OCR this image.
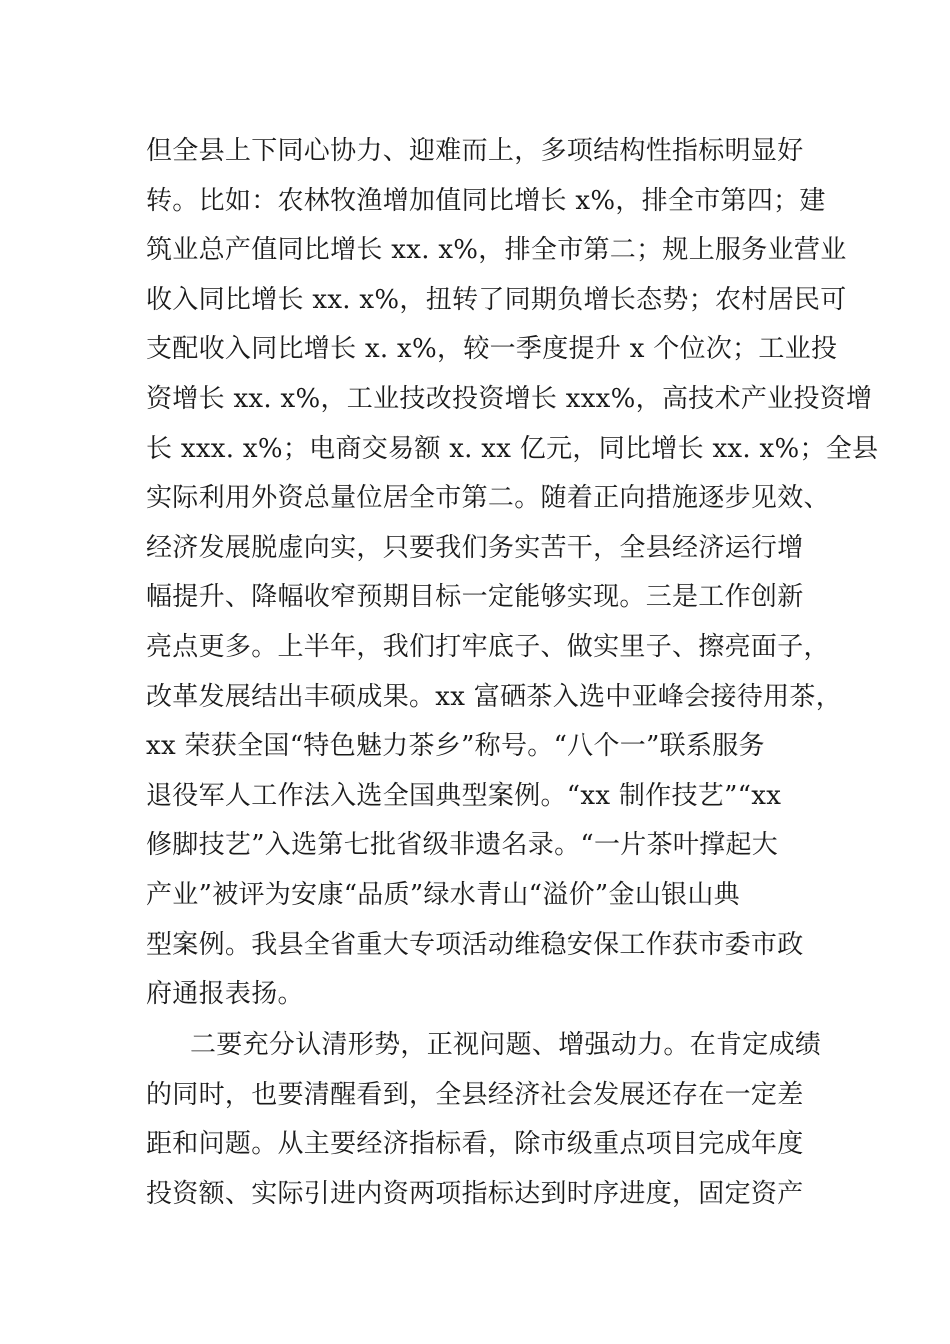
但全县上下同心协力、迎难而上，多项结构性指标明显好
转。比如：农林牧渔增加值同比增长 x%，排全市第四；建
筑业总产值同比增长 xx. x%，排全市第二；规上服务业营业
收入同比增长 xx. x%，扭转了同期负增长态势；农村居民可
支配收入同比增长 x. x%，较一季度提升 x 个位次；工业投
资增长 xx. x%，工业技改投资增长 xxx%，高技术产业投资增
长 xxx. x%；电商交易额 x. xx 亿元，同比增长 xx. x%；全县
实际利用外资总量位居全市第二。随着正向措施逐步见效、
经济发展脱虚向实，只要我们务实苦干，全县经济运行增
幅提升、降幅收窄预期目标一定能够实现。三是工作创新
亮点更多。上半年，我们打牢底子、做实里子、擦亮面子，
改革发展结出丰硕成果。xx 富硒茶入选中亚峰会接待用茶，
xx 荣获全国“特色魅力茶乡”称号。“八个一”联系服务
退役军人工作法入选全国典型案例。“xx 制作技艺”“xx
修脚技艺”入选第七批省级非遗名录。“一片茶叶撑起大
产业”被评为安康“品质”绿水青山“溢价”金山银山典
型案例。我县全省重大专项活动维稳安保工作获市委市政
府通报表扬。
二要充分认清形势，正视问题、增强动力。在肯定成绩
的同时，也要清醒看到，全县经济社会发展还存在一定差
距和问题。从主要经济指标看，除市级重点项目完成年度
投资额、实际引进内资两项指标达到时序进度，固定资产
